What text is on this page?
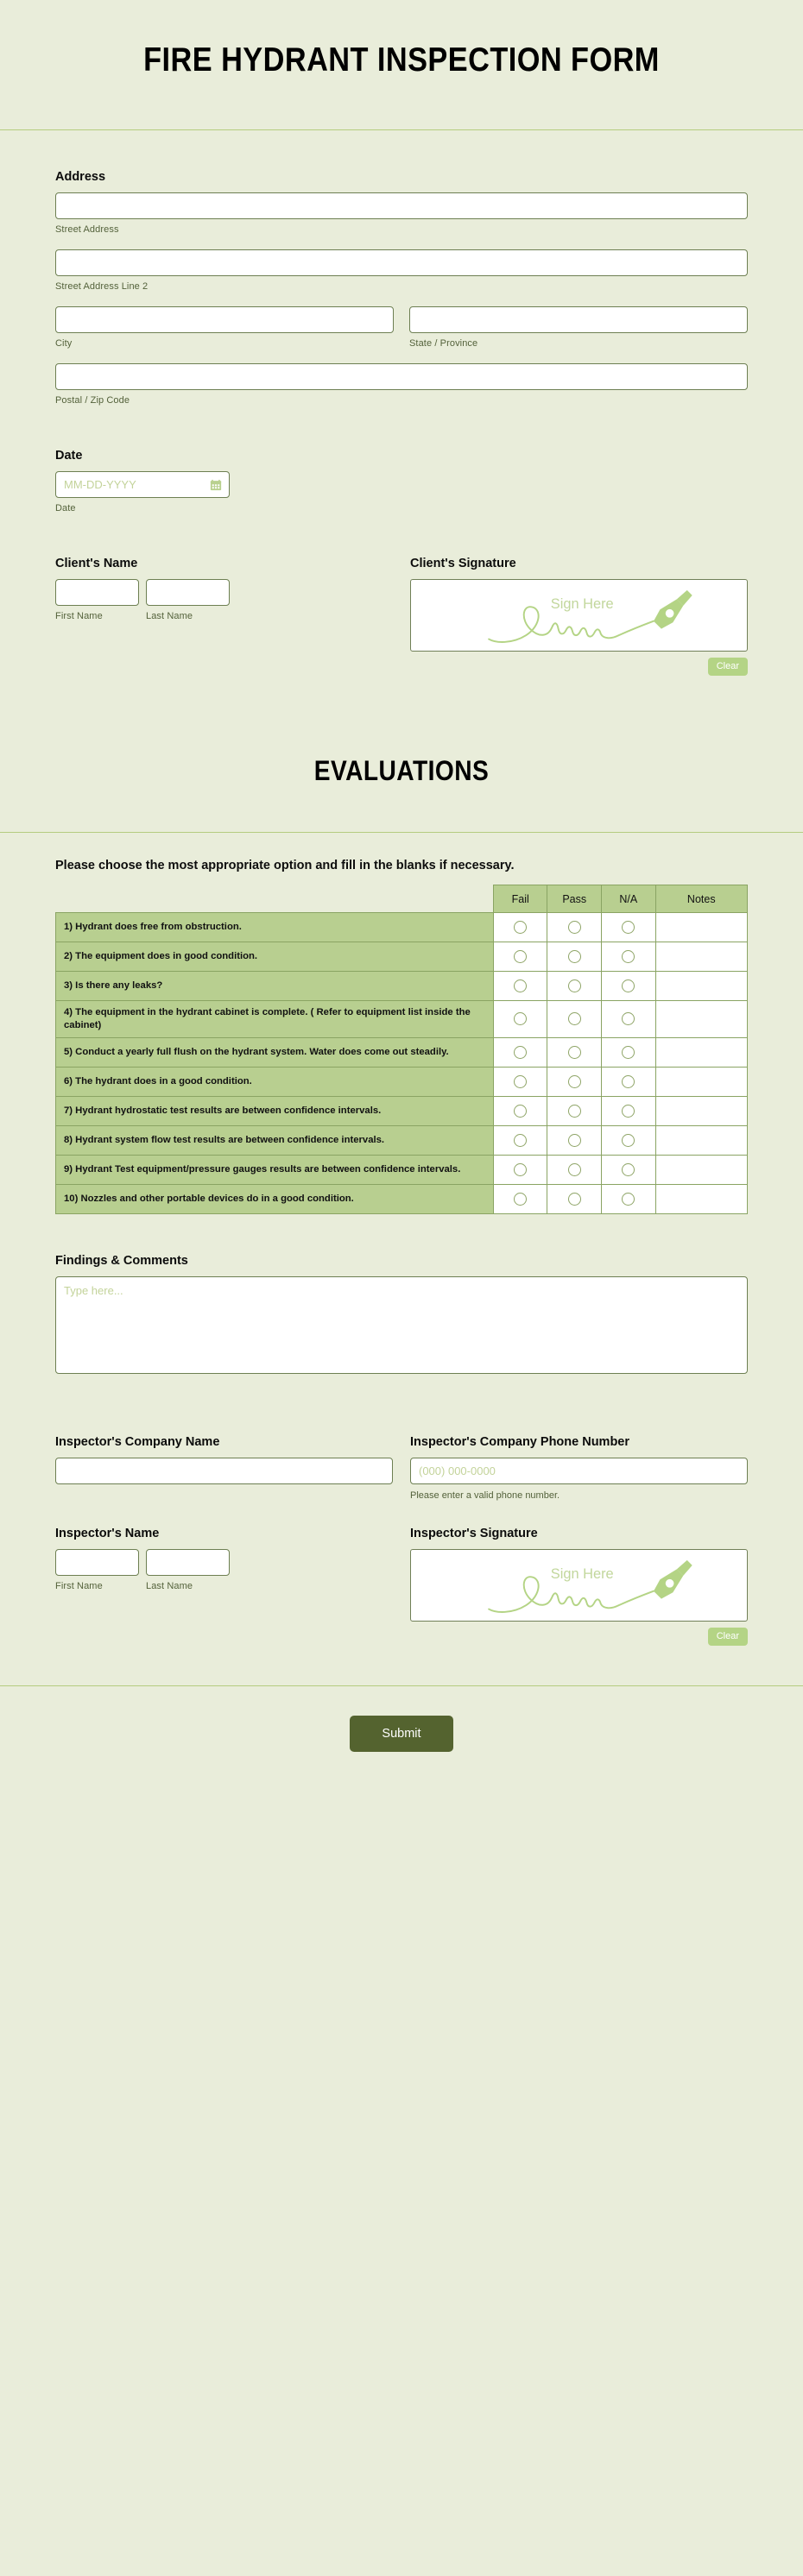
FIRE HYDRANT INSPECTION FORM
Address
Street Address
Street Address Line 2
City	State / Province
Postal / Zip Code
Date
MM-DD-YYYY
Date
Client's Name
First Name	Last Name
Client's Signature
Sign Here
Clear
EVALUATIONS
Please choose the most appropriate option and fill in the blanks if necessary.
	Fail	Pass	N/A	Notes
1) Hydrant does free from obstruction.				
2) The equipment does in good condition.				
3) Is there any leaks?				
4) The equipment in the hydrant cabinet is complete. ( Refer to equipment list inside the cabinet)				
5) Conduct a yearly full flush on the hydrant system. Water does come out steadily.				
6) The hydrant does in a good condition.				
7) Hydrant hydrostatic test results are between confidence intervals.				
8) Hydrant system flow test results are between confidence intervals.				
9) Hydrant Test equipment/pressure gauges results are between confidence intervals.				
10) Nozzles and other portable devices do in a good condition.				
Findings & Comments
Type here...
Inspector's Company Name	Inspector's Company Phone Number
(000) 000-0000
Please enter a valid phone number.
Inspector's Name
First Name	Last Name
Inspector's Signature
Sign Here
Clear
Submit
